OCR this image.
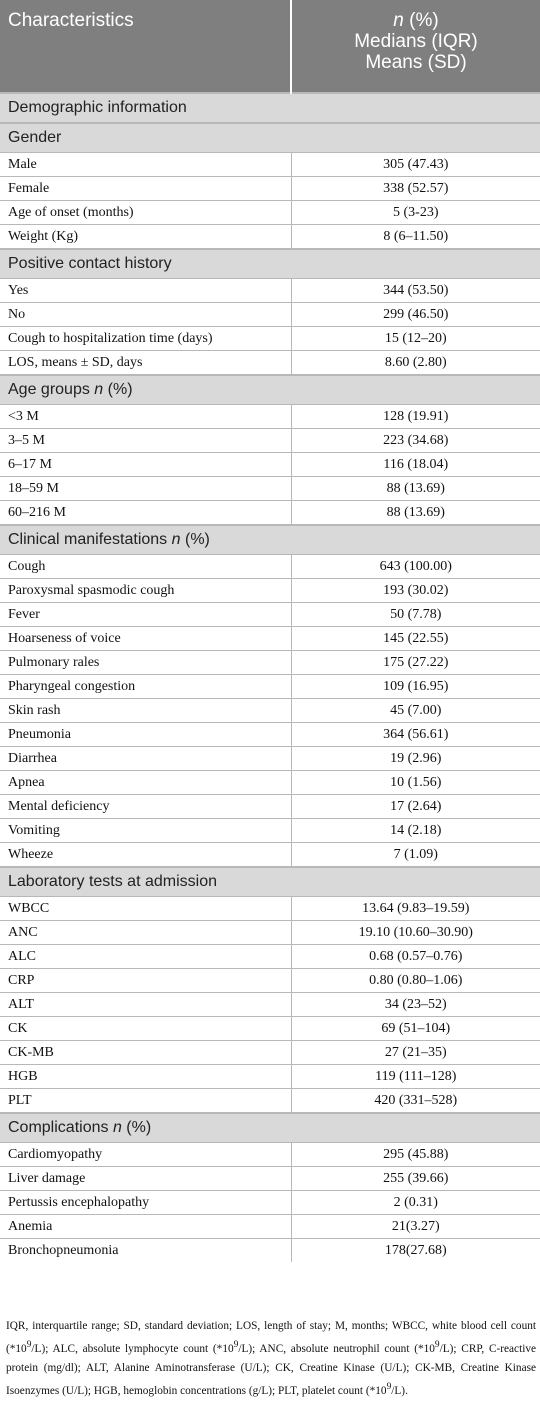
Characteristics	n (%)
Medians (IQR)
Means (SD)

Demographic information	
Gender	
Male	305 (47.43)
Female	338 (52.57)
Age of onset (months)	5 (3-23)
Weight (Kg)	8 (6–11.50)
Positive contact history	
Yes	344 (53.50)
No	299 (46.50)
Cough to hospitalization time (days)	15 (12–20)
LOS, means ± SD, days	8.60 (2.80)
Age groups n (%)	
<3 M	128 (19.91)
3–5 M	223 (34.68)
6–17 M	116 (18.04)
18–59 M	88 (13.69)
60–216 M	88 (13.69)
Clinical manifestations n (%)	
Cough	643 (100.00)
Paroxysmal spasmodic cough	193 (30.02)
Fever	50 (7.78)
Hoarseness of voice	145 (22.55)
Pulmonary rales	175 (27.22)
Pharyngeal congestion	109 (16.95)
Skin rash	45 (7.00)
Pneumonia	364 (56.61)
Diarrhea	19 (2.96)
Apnea	10 (1.56)
Mental deficiency	17 (2.64)
Vomiting	14 (2.18)
Wheeze	7 (1.09)
Laboratory tests at admission	
WBCC	13.64 (9.83–19.59)
ANC	19.10 (10.60–30.90)
ALC	0.68 (0.57–0.76)
CRP	0.80 (0.80–1.06)
ALT	34 (23–52)
CK	69 (51–104)
CK-MB	27 (21–35)
HGB	119 (111–128)
PLT	420 (331–528)
Complications n (%)	
Cardiomyopathy	295 (45.88)
Liver damage	255 (39.66)
Pertussis encephalopathy	2 (0.31)
Anemia	21(3.27)
Bronchopneumonia	178(27.68)
IQR, interquartile range; SD, standard deviation; LOS, length of stay; M, months; WBCC, white blood cell count $(*10^9/L)$; ALC, absolute lymphocyte count $(*10^9/L)$; ANC, absolute neutrophil count $(*10^9/L)$; CRP, C-reactive protein (mg/dl); ALT, Alanine Aminotransferase (U/L); CK, Creatine Kinase (U/L); CK-MB, Creatine Kinase Isoenzymes (U/L); HGB, hemoglobin concentrations (g/L); PLT, platelet count $(*10^9/L)$.
